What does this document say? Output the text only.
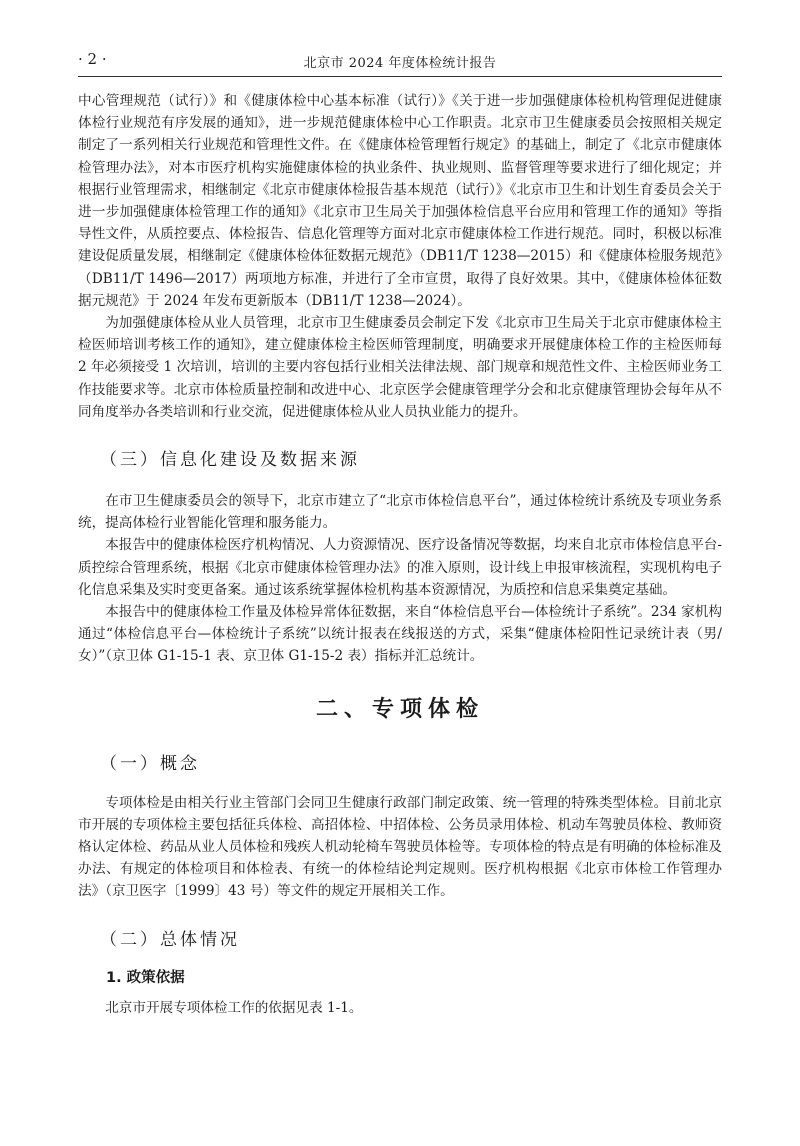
· 2 ·	北京市 2024 年度体检统计报告

中心管理规范（试行）》和《健康体检中心基本标准（试行）》《关于进一步加强健康体检机构管理促进健康体检行业规范有序发展的通知》，进一步规范健康体检中心工作职责。北京市卫生健康委员会按照相关规定制定了一系列相关行业规范和管理性文件。在《健康体检管理暂行规定》的基础上，制定了《北京市健康体检管理办法》，对本市医疗机构实施健康体检的执业条件、执业规则、监督管理等要求进行了细化规定；并根据行业管理需求，相继制定《北京市健康体检报告基本规范（试行）》《北京市卫生和计划生育委员会关于进一步加强健康体检管理工作的通知》《北京市卫生局关于加强体检信息平台应用和管理工作的通知》等指导性文件，从质控要点、体检报告、信息化管理等方面对北京市健康体检工作进行规范。同时，积极以标准建设促质量发展，相继制定《健康体检体征数据元规范》（DB11/T 1238—2015）和《健康体检服务规范》（DB11/T 1496—2017）两项地方标准，并进行了全市宣贯，取得了良好效果。其中，《健康体检体征数据元规范》于 2024 年发布更新版本（DB11/T 1238—2024）。

为加强健康体检从业人员管理，北京市卫生健康委员会制定下发《北京市卫生局关于北京市健康体检主检医师培训考核工作的通知》，建立健康体检主检医师管理制度，明确要求开展健康体检工作的主检医师每 2 年必须接受 1 次培训，培训的主要内容包括行业相关法律法规、部门规章和规范性文件、主检医师业务工作技能要求等。北京市体检质量控制和改进中心、北京医学会健康管理学分会和北京健康管理协会每年从不同角度举办各类培训和行业交流，促进健康体检从业人员执业能力的提升。

（三）信息化建设及数据来源

在市卫生健康委员会的领导下，北京市建立了“北京市体检信息平台”，通过体检统计系统及专项业务系统，提高体检行业智能化管理和服务能力。

本报告中的健康体检医疗机构情况、人力资源情况、医疗设备情况等数据，均来自北京市体检信息平台-质控综合管理系统，根据《北京市健康体检管理办法》的准入原则，设计线上申报审核流程，实现机构电子化信息采集及实时变更备案。通过该系统掌握体检机构基本资源情况，为质控和信息采集奠定基础。

本报告中的健康体检工作量及体检异常体征数据，来自“体检信息平台—体检统计子系统”。234 家机构通过“体检信息平台—体检统计子系统”以统计报表在线报送的方式，采集“健康体检阳性记录统计表（男/女）”（京卫体 G1-15-1 表、京卫体 G1-15-2 表）指标并汇总统计。

二、专项体检
（一）概念

专项体检是由相关行业主管部门会同卫生健康行政部门制定政策、统一管理的特殊类型体检。目前北京市开展的专项体检主要包括征兵体检、高招体检、中招体检、公务员录用体检、机动车驾驶员体检、教师资格认定体检、药品从业人员体检和残疾人机动轮椅车驾驶员体检等。专项体检的特点是有明确的体检标准及办法、有规定的体检项目和体检表、有统一的体检结论判定规则。医疗机构根据《北京市体检工作管理办法》（京卫医字〔1999〕43 号）等文件的规定开展相关工作。

（二）总体情况
1. 政策依据

北京市开展专项体检工作的依据见表 1-1。
